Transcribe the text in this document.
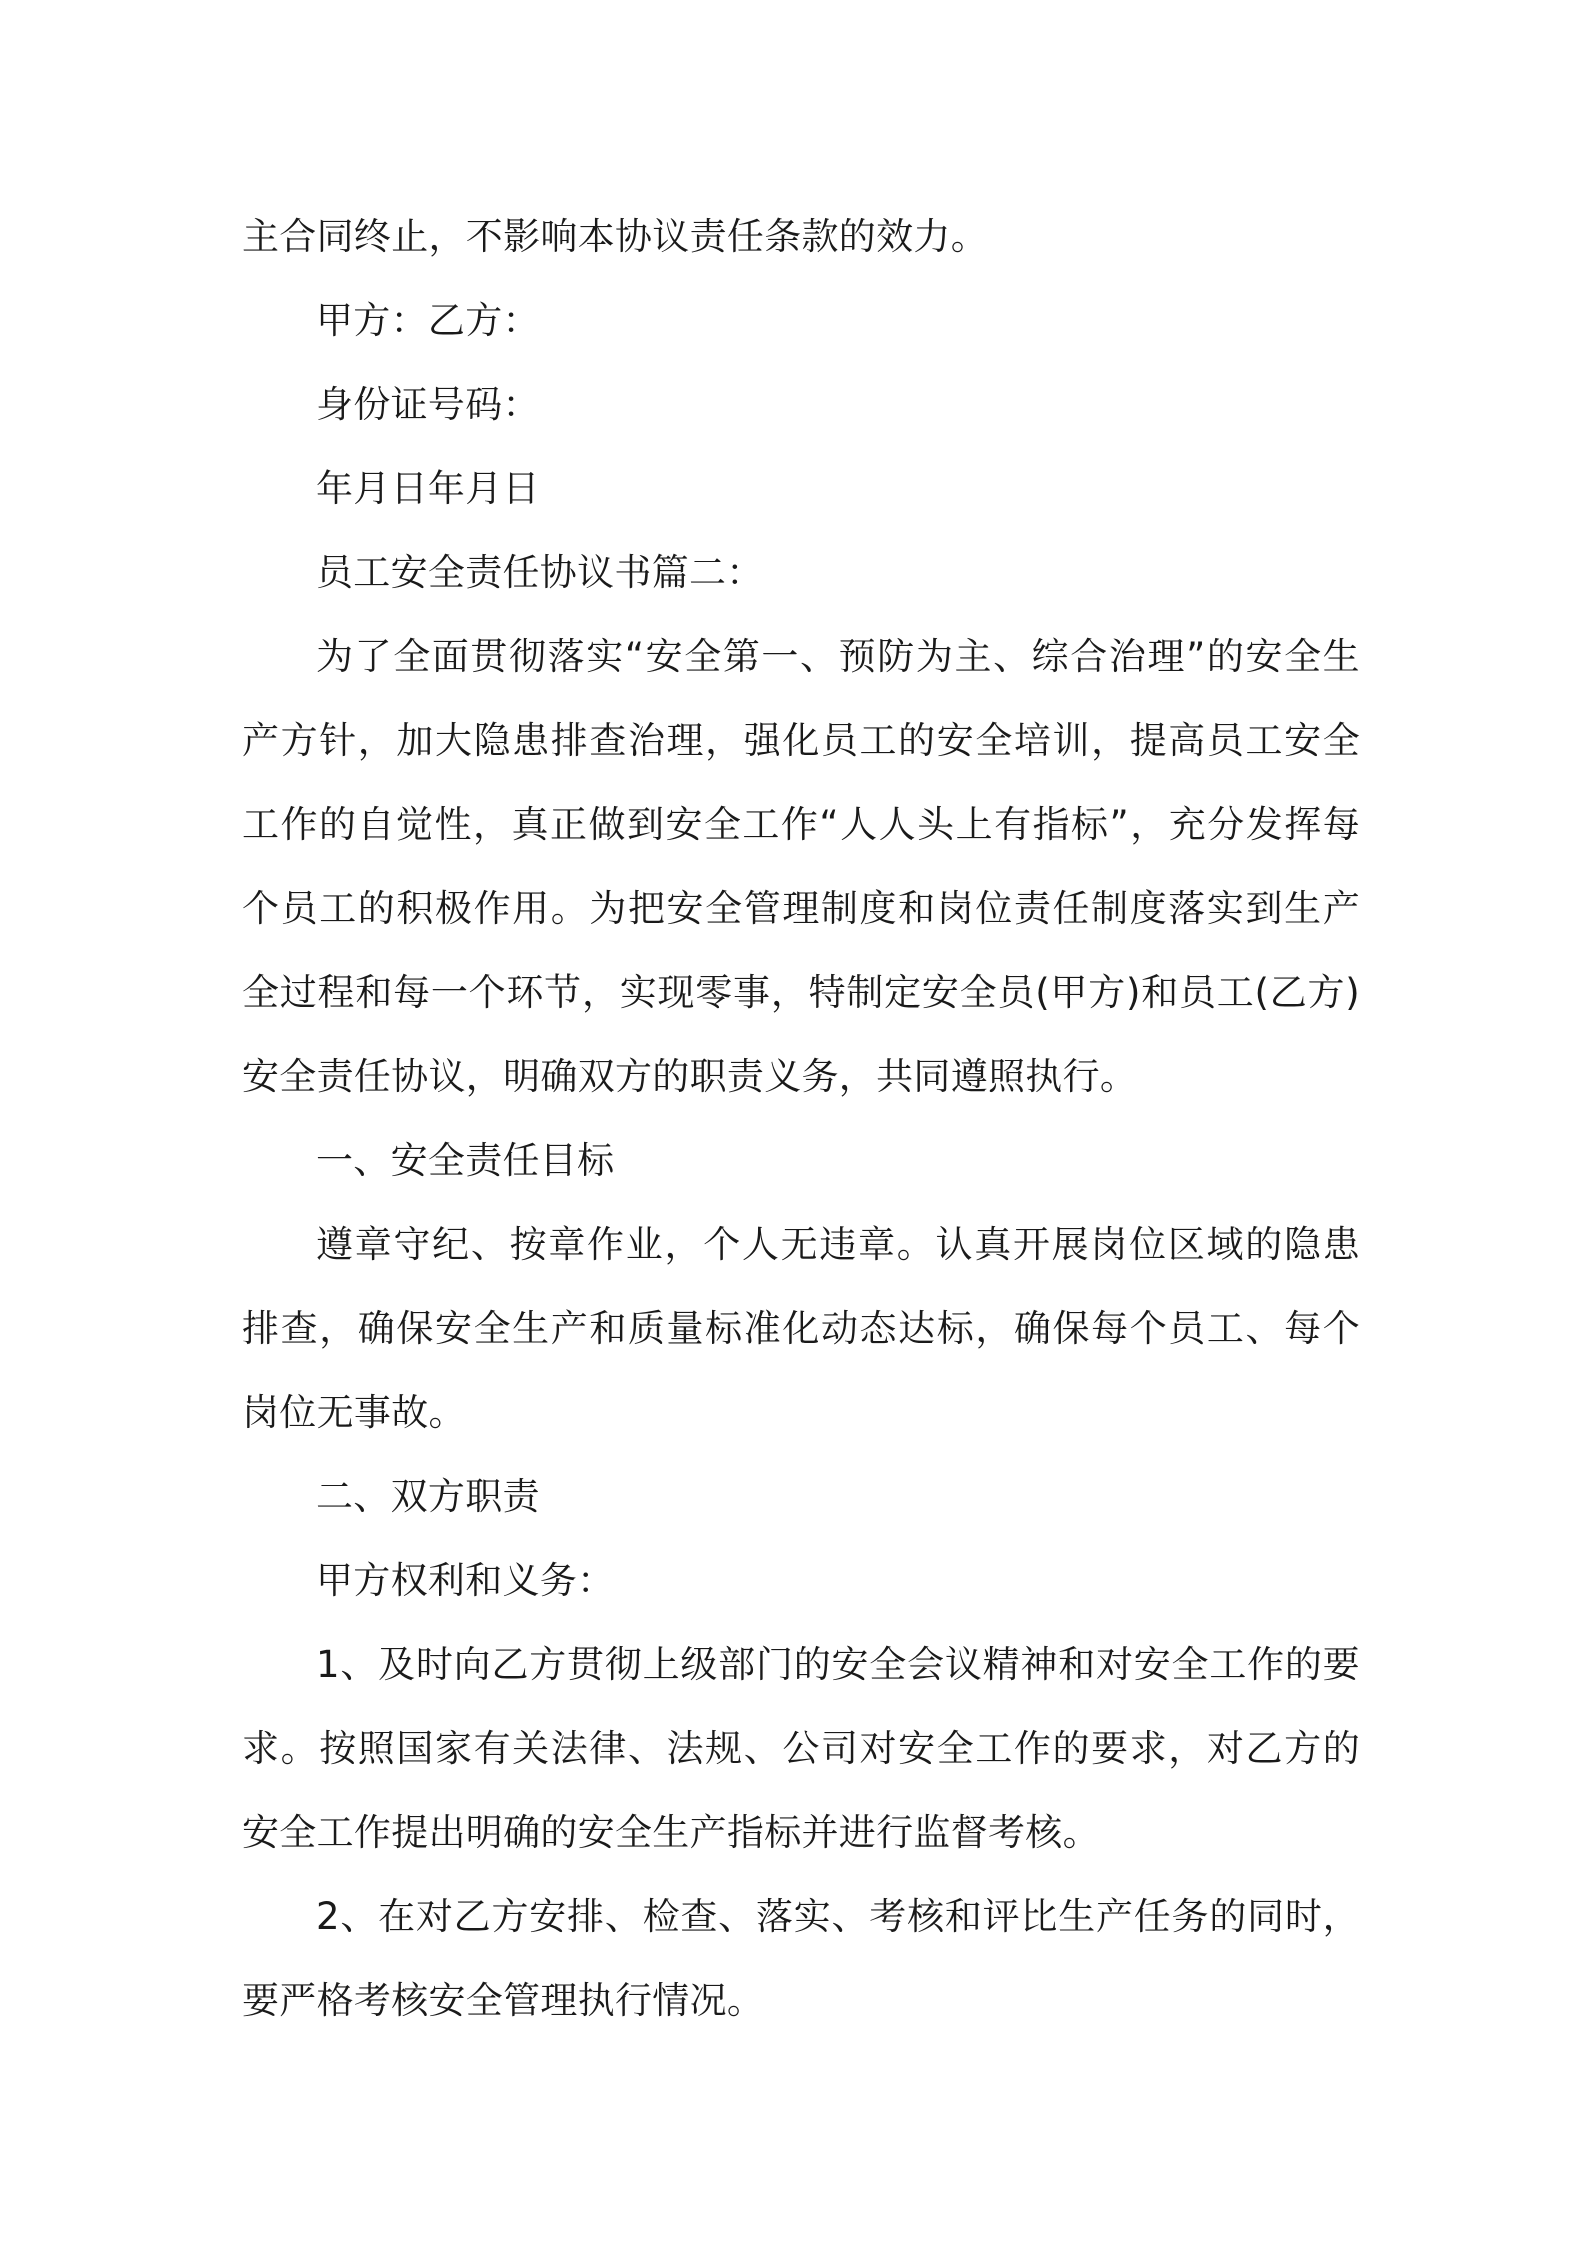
主合同终止，不影响本协议责任条款的效力。

甲方：乙方：

身份证号码：

年月日年月日

员工安全责任协议书篇二：

为了全面贯彻落实“安全第一、预防为主、综合治理”的安全生产方针，加大隐患排查治理，强化员工的安全培训，提高员工安全工作的自觉性，真正做到安全工作“人人头上有指标”，充分发挥每个员工的积极作用。为把安全管理制度和岗位责任制度落实到生产全过程和每一个环节，实现零事，特制定安全员(甲方)和员工(乙方)安全责任协议，明确双方的职责义务，共同遵照执行。

一、安全责任目标

遵章守纪、按章作业，个人无违章。认真开展岗位区域的隐患排查，确保安全生产和质量标准化动态达标，确保每个员工、每个岗位无事故。

二、双方职责

甲方权利和义务：

1、及时向乙方贯彻上级部门的安全会议精神和对安全工作的要求。按照国家有关法律、法规、公司对安全工作的要求，对乙方的安全工作提出明确的安全生产指标并进行监督考核。

2、在对乙方安排、检查、落实、考核和评比生产任务的同时，要严格考核安全管理执行情况。
